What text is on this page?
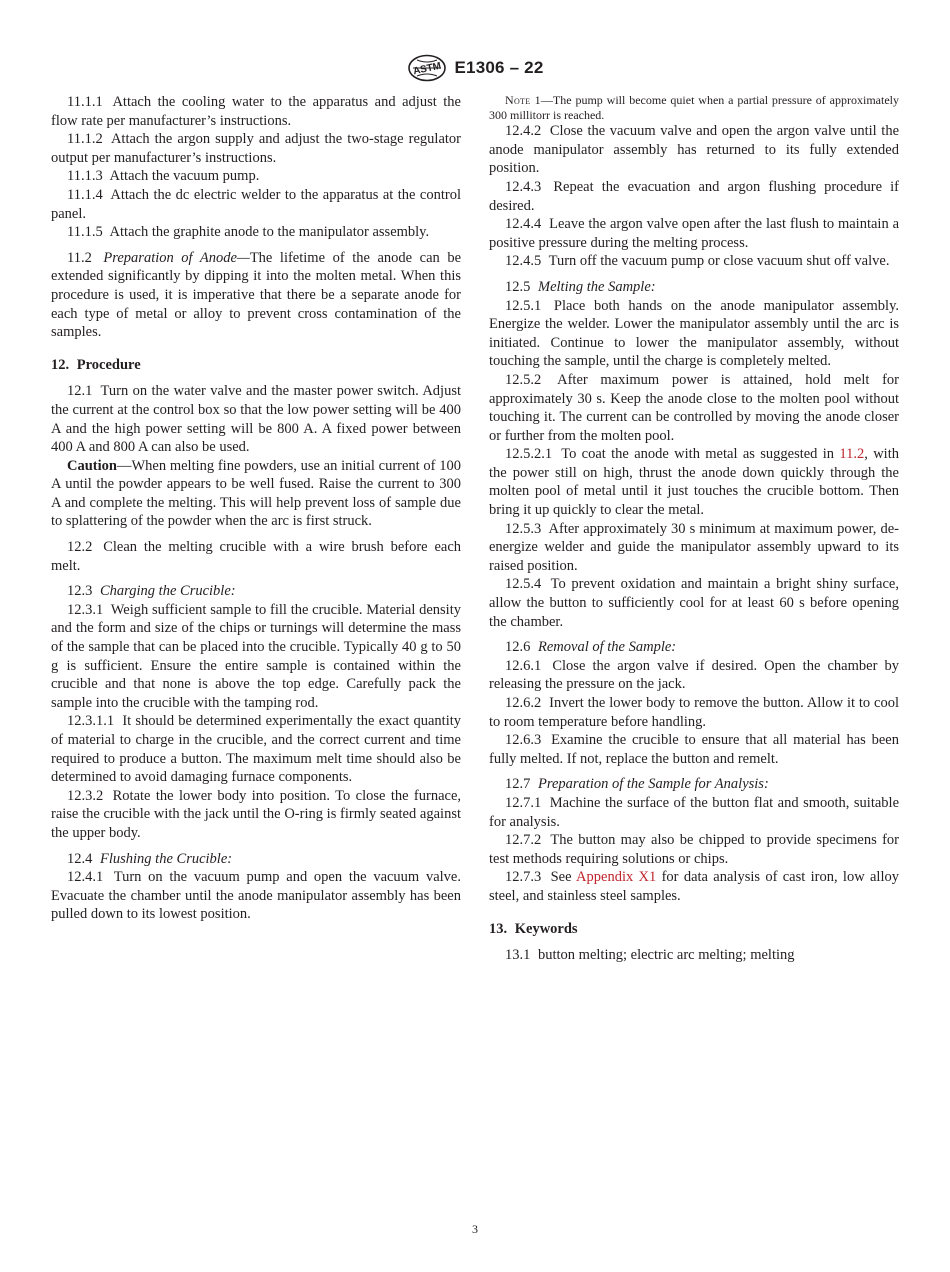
ASTM E1306 – 22

11.1.1 Attach the cooling water to the apparatus and adjust the flow rate per manufacturer’s instructions.

11.1.2 Attach the argon supply and adjust the two-stage regulator output per manufacturer’s instructions.

11.1.3 Attach the vacuum pump.

11.1.4 Attach the dc electric welder to the apparatus at the control panel.

11.1.5 Attach the graphite anode to the manipulator assembly.

11.2 Preparation of Anode—The lifetime of the anode can be extended significantly by dipping it into the molten metal. When this procedure is used, it is imperative that there be a separate anode for each type of metal or alloy to prevent cross contamination of the samples.

12. Procedure

12.1 Turn on the water valve and the master power switch. Adjust the current at the control box so that the low power setting will be 400 A and the high power setting will be 800 A. A fixed power between 400 A and 800 A can also be used.

Caution—When melting fine powders, use an initial current of 100 A until the powder appears to be well fused. Raise the current to 300 A and complete the melting. This will help prevent loss of sample due to splattering of the powder when the arc is first struck.

12.2 Clean the melting crucible with a wire brush before each melt.

12.3 Charging the Crucible:

12.3.1 Weigh sufficient sample to fill the crucible. Material density and the form and size of the chips or turnings will determine the mass of the sample that can be placed into the crucible. Typically 40 g to 50 g is sufficient. Ensure the entire sample is contained within the crucible and that none is above the top edge. Carefully pack the sample into the crucible with the tamping rod.

12.3.1.1 It should be determined experimentally the exact quantity of material to charge in the crucible, and the correct current and time required to produce a button. The maximum melt time should also be determined to avoid damaging furnace components.

12.3.2 Rotate the lower body into position. To close the furnace, raise the crucible with the jack until the O-ring is firmly seated against the upper body.

12.4 Flushing the Crucible:

12.4.1 Turn on the vacuum pump and open the vacuum valve. Evacuate the chamber until the anode manipulator assembly has been pulled down to its lowest position.

Note 1—The pump will become quiet when a partial pressure of approximately 300 millitorr is reached.

12.4.2 Close the vacuum valve and open the argon valve until the anode manipulator assembly has returned to its fully extended position.

12.4.3 Repeat the evacuation and argon flushing procedure if desired.

12.4.4 Leave the argon valve open after the last flush to maintain a positive pressure during the melting process.

12.4.5 Turn off the vacuum pump or close vacuum shut off valve.

12.5 Melting the Sample:

12.5.1 Place both hands on the anode manipulator assembly. Energize the welder. Lower the manipulator assembly until the arc is initiated. Continue to lower the manipulator assembly, without touching the sample, until the charge is completely melted.

12.5.2 After maximum power is attained, hold melt for approximately 30 s. Keep the anode close to the molten pool without touching it. The current can be controlled by moving the anode closer or further from the molten pool.

12.5.2.1 To coat the anode with metal as suggested in 11.2, with the power still on high, thrust the anode down quickly through the molten pool of metal until it just touches the crucible bottom. Then bring it up quickly to clear the metal.

12.5.3 After approximately 30 s minimum at maximum power, de-energize welder and guide the manipulator assembly upward to its raised position.

12.5.4 To prevent oxidation and maintain a bright shiny surface, allow the button to sufficiently cool for at least 60 s before opening the chamber.

12.6 Removal of the Sample:

12.6.1 Close the argon valve if desired. Open the chamber by releasing the pressure on the jack.

12.6.2 Invert the lower body to remove the button. Allow it to cool to room temperature before handling.

12.6.3 Examine the crucible to ensure that all material has been fully melted. If not, replace the button and remelt.

12.7 Preparation of the Sample for Analysis:

12.7.1 Machine the surface of the button flat and smooth, suitable for analysis.

12.7.2 The button may also be chipped to provide specimens for test methods requiring solutions or chips.

12.7.3 See Appendix X1 for data analysis of cast iron, low alloy steel, and stainless steel samples.

13. Keywords

13.1 button melting; electric arc melting; melting

3
